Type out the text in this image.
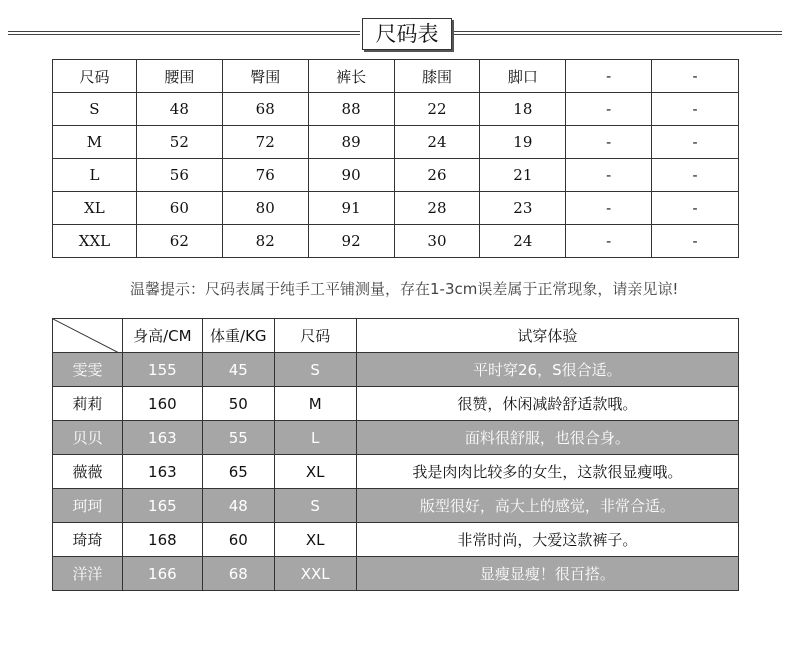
尺码表
尺码	腰围	臀围	裤长	膝围	脚口	-	-
S	48	68	88	22	18	-	-
M	52	72	89	24	19	-	-
L	56	76	90	26	21	-	-
XL	60	80	91	28	23	-	-
XXL	62	82	92	30	24	-	-
温馨提示：尺码表属于纯手工平铺测量，存在1-3cm误差属于正常现象，请亲见谅!
	身高/CM	体重/KG	尺码	试穿体验
雯雯	155	45	S	平时穿26，S很合适。
莉莉	160	50	M	很赞，休闲减龄舒适款哦。
贝贝	163	55	L	面料很舒服，也很合身。
薇薇	163	65	XL	我是肉肉比较多的女生，这款很显瘦哦。
珂珂	165	48	S	版型很好，高大上的感觉，非常合适。
琦琦	168	60	XL	非常时尚，大爱这款裤子。
洋洋	166	68	XXL	显瘦显瘦！很百搭。
